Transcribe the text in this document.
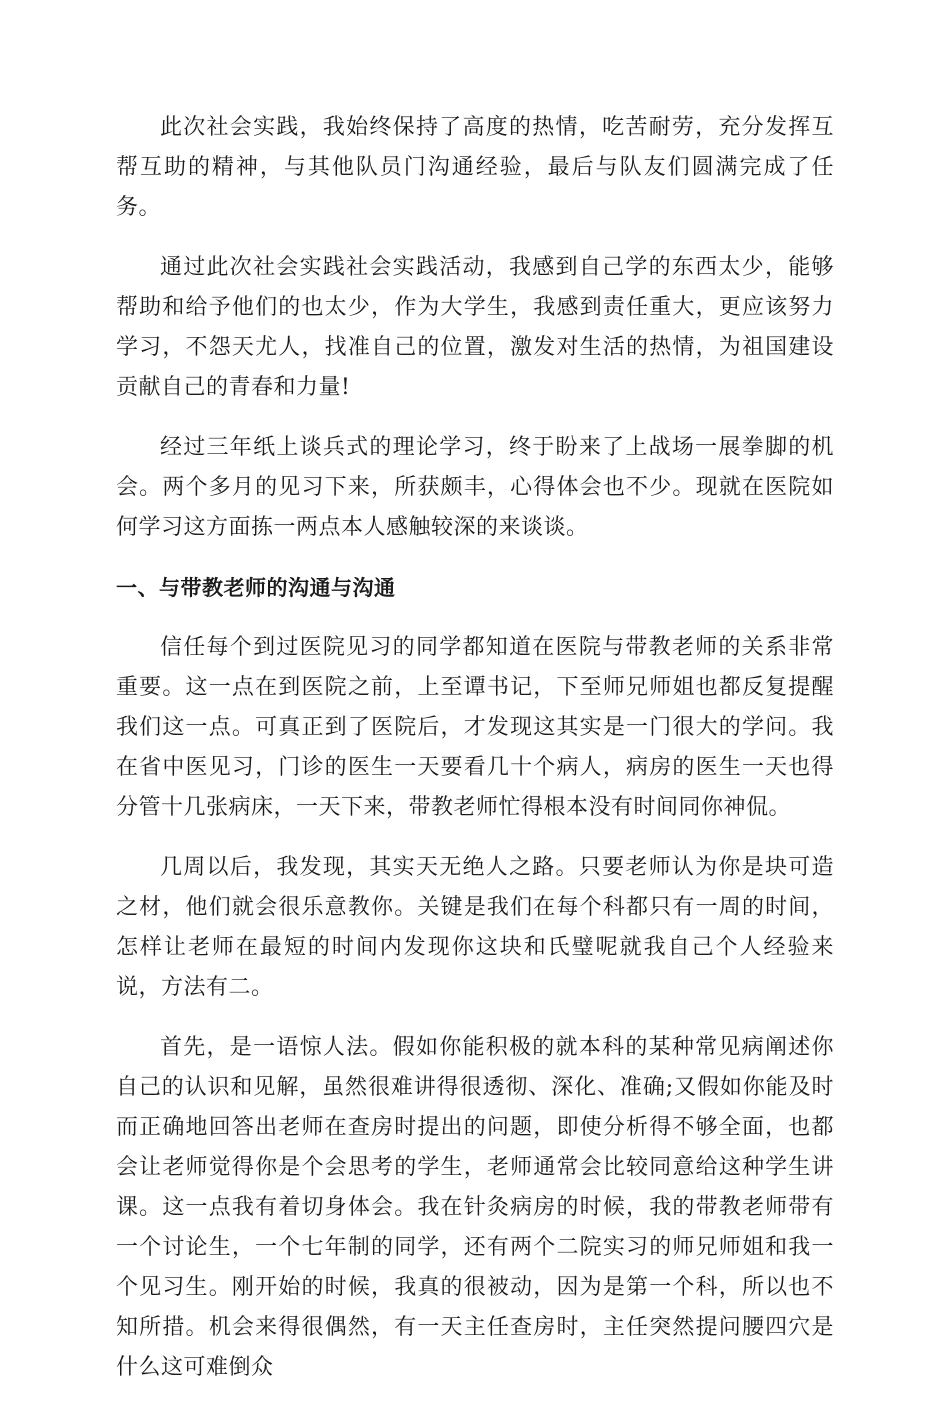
此次社会实践，我始终保持了高度的热情，吃苦耐劳，充分发挥互帮互助的精神，与其他队员门沟通经验，最后与队友们圆满完成了任务。

通过此次社会实践社会实践活动，我感到自己学的东西太少，能够帮助和给予他们的也太少，作为大学生，我感到责任重大，更应该努力学习，不怨天尤人，找准自己的位置，激发对生活的热情，为祖国建设贡献自己的青春和力量!

经过三年纸上谈兵式的理论学习，终于盼来了上战场一展拳脚的机会。两个多月的见习下来，所获颇丰，心得体会也不少。现就在医院如何学习这方面拣一两点本人感触较深的来谈谈。

一、与带教老师的沟通与沟通

信任每个到过医院见习的同学都知道在医院与带教老师的关系非常重要。这一点在到医院之前，上至谭书记，下至师兄师姐也都反复提醒我们这一点。可真正到了医院后，才发现这其实是一门很大的学问。我在省中医见习，门诊的医生一天要看几十个病人，病房的医生一天也得分管十几张病床，一天下来，带教老师忙得根本没有时间同你神侃。

几周以后，我发现，其实天无绝人之路。只要老师认为你是块可造之材，他们就会很乐意教你。关键是我们在每个科都只有一周的时间，怎样让老师在最短的时间内发现你这块和氏璧呢就我自己个人经验来说，方法有二。

首先，是一语惊人法。假如你能积极的就本科的某种常见病阐述你自己的认识和见解，虽然很难讲得很透彻、深化、准确;又假如你能及时而正确地回答出老师在查房时提出的问题，即使分析得不够全面，也都会让老师觉得你是个会思考的学生，老师通常会比较同意给这种学生讲课。这一点我有着切身体会。我在针灸病房的时候，我的带教老师带有一个讨论生，一个七年制的同学，还有两个二院实习的师兄师姐和我一个见习生。刚开始的时候，我真的很被动，因为是第一个科，所以也不知所措。机会来得很偶然，有一天主任查房时，主任突然提问腰四穴是什么这可难倒众
